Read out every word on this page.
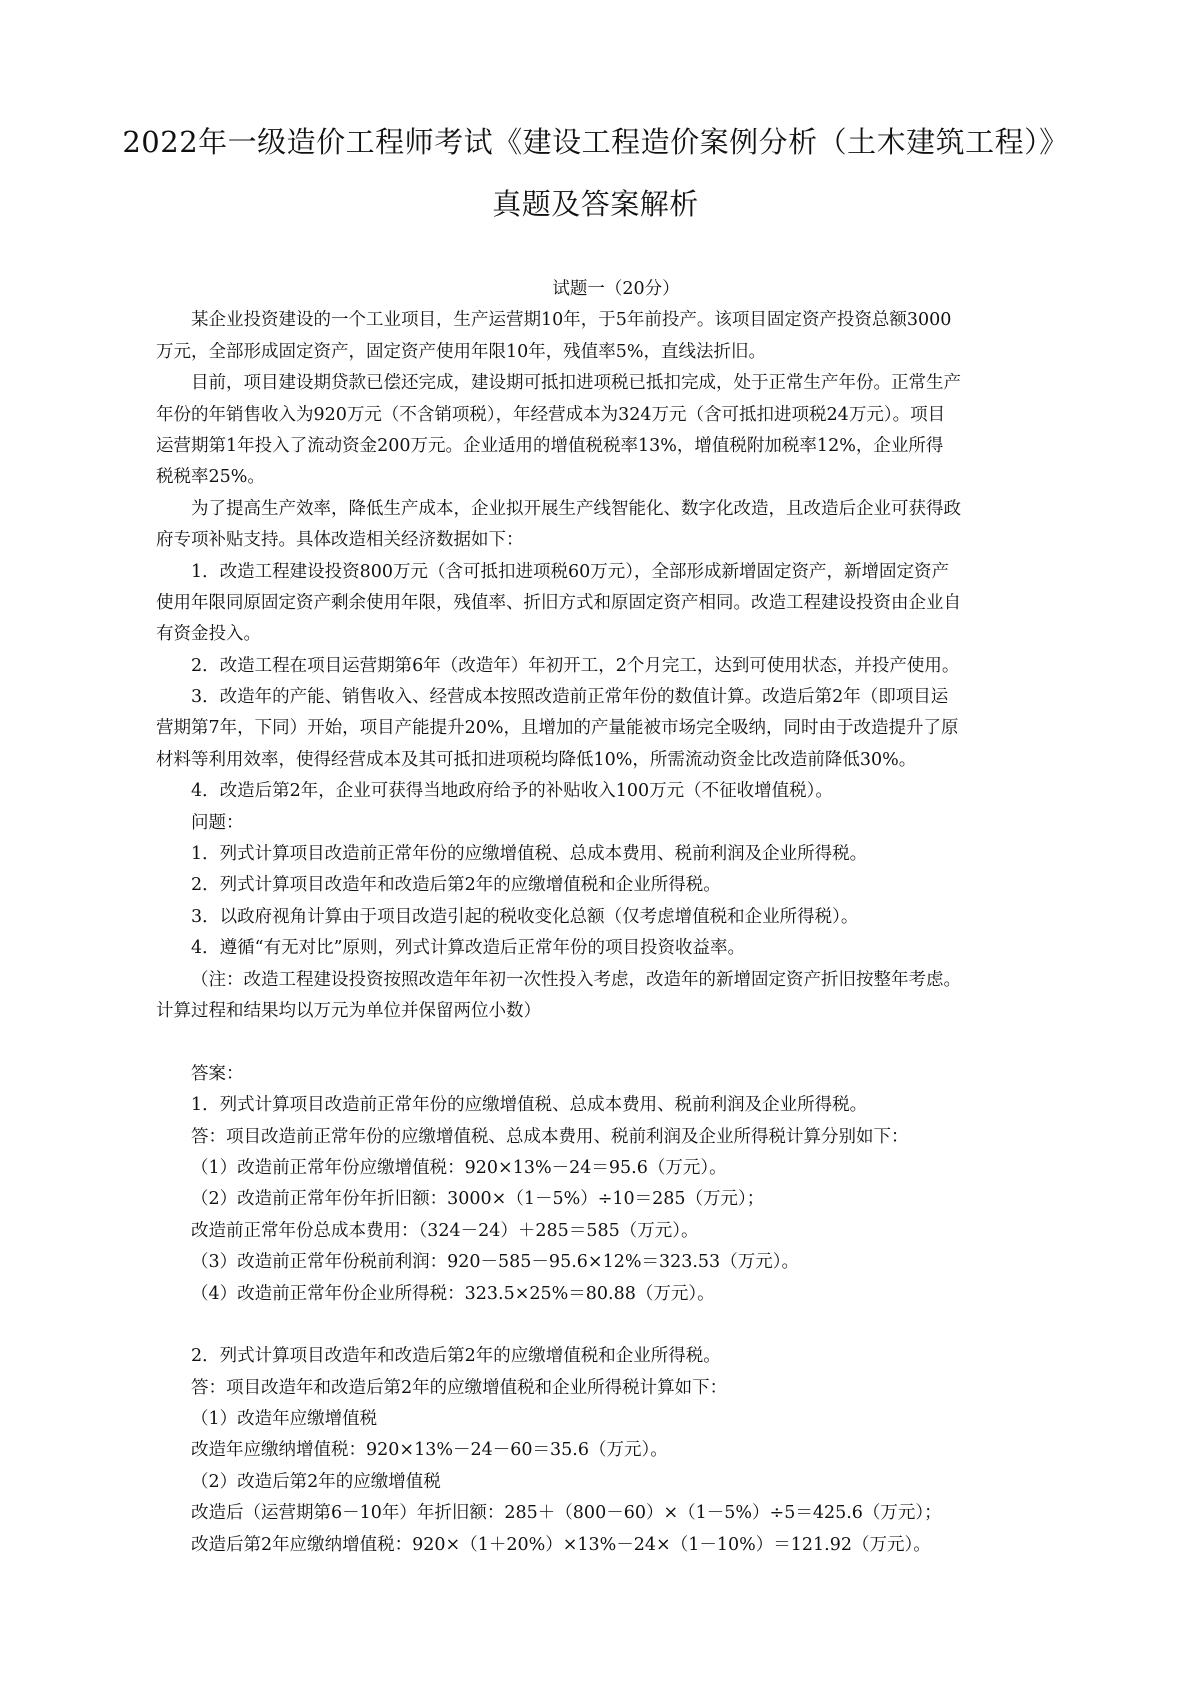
2022年一级造价工程师考试《建设工程造价案例分析（土木建筑工程）》
真题及答案解析
试题一（20分）
某企业投资建设的一个工业项目，生产运营期10年，于5年前投产。该项目固定资产投资总额3000
万元，全部形成固定资产，固定资产使用年限10年，残值率5%，直线法折旧。
目前，项目建设期贷款已偿还完成，建设期可抵扣进项税已抵扣完成，处于正常生产年份。正常生产
年份的年销售收入为920万元（不含销项税），年经营成本为324万元（含可抵扣进项税24万元）。项目
运营期第1年投入了流动资金200万元。企业适用的增值税税率13%，增值税附加税率12%，企业所得
税税率25%。
为了提高生产效率，降低生产成本，企业拟开展生产线智能化、数字化改造，且改造后企业可获得政
府专项补贴支持。具体改造相关经济数据如下：
1．改造工程建设投资800万元（含可抵扣进项税60万元），全部形成新增固定资产，新增固定资产
使用年限同原固定资产剩余使用年限，残值率、折旧方式和原固定资产相同。改造工程建设投资由企业自
有资金投入。
2．改造工程在项目运营期第6年（改造年）年初开工，2个月完工，达到可使用状态，并投产使用。
3．改造年的产能、销售收入、经营成本按照改造前正常年份的数值计算。改造后第2年（即项目运
营期第7年，下同）开始，项目产能提升20%，且增加的产量能被市场完全吸纳，同时由于改造提升了原
材料等利用效率，使得经营成本及其可抵扣进项税均降低10%，所需流动资金比改造前降低30%。
4．改造后第2年，企业可获得当地政府给予的补贴收入100万元（不征收增值税）。
问题：
1．列式计算项目改造前正常年份的应缴增值税、总成本费用、税前利润及企业所得税。
2．列式计算项目改造年和改造后第2年的应缴增值税和企业所得税。
3．以政府视角计算由于项目改造引起的税收变化总额（仅考虑增值税和企业所得税）。
4．遵循“有无对比”原则，列式计算改造后正常年份的项目投资收益率。
（注：改造工程建设投资按照改造年年初一次性投入考虑，改造年的新增固定资产折旧按整年考虑。
计算过程和结果均以万元为单位并保留两位小数）
答案：
1．列式计算项目改造前正常年份的应缴增值税、总成本费用、税前利润及企业所得税。
答：项目改造前正常年份的应缴增值税、总成本费用、税前利润及企业所得税计算分别如下：
（1）改造前正常年份应缴增值税：920×13%－24＝95.6（万元）。
（2）改造前正常年份年折旧额：3000×（1－5%）÷10＝285（万元）；
改造前正常年份总成本费用：（324－24）＋285＝585（万元）。
（3）改造前正常年份税前利润：920－585－95.6×12%＝323.53（万元）。
（4）改造前正常年份企业所得税：323.5×25%＝80.88（万元）。
2．列式计算项目改造年和改造后第2年的应缴增值税和企业所得税。
答：项目改造年和改造后第2年的应缴增值税和企业所得税计算如下：
（1）改造年应缴增值税
改造年应缴纳增值税：920×13%－24－60＝35.6（万元）。
（2）改造后第2年的应缴增值税
改造后（运营期第6－10年）年折旧额：285＋（800－60）×（1－5%）÷5＝425.6（万元）；
改造后第2年应缴纳增值税：920×（1＋20%）×13%－24×（1－10%）＝121.92（万元）。
